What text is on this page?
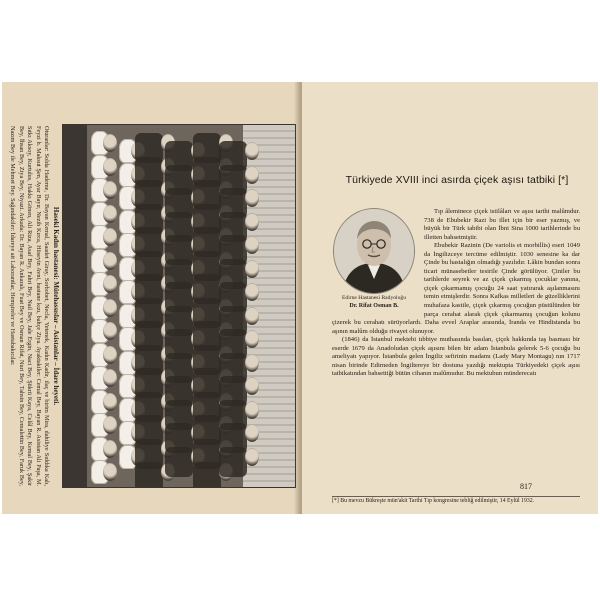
Haseki Kadın hastanesi: Mütehassıslar – Asistanlar – İdare heyeti.
Oturanlar: Solda Hademe, Dr. Bayan Kemal, Saadet Giray, Sorbobet, Necla, Yetenek, Kadın Kadir, ilaç ve birim Mira, dahiliye Sıddıka Kalı, Feyzi h. Maksut Şen, Ayar Bayır, Nezih Kırca, Hüseyin Avni, hastane kızı, bahçe Ziya. Ayaktakiler: Cemal Bey, Bayan R. Asistan Ali Paşa, M. Sıtkı Aksoy, Kurtulus, Hakkı Gönen, Ali Riza, Asaf Bey, Fahri Bey, Nail Bey, Jale Ergin, Naci Bey, Şükrü Kaya, Celâl Bey, Kemal Bey, Şakir Bey, İhsan Bey, Ziya Bey, Niyazi. Arkada: Dr. Bayan R. Ankaralı, Fuat Bey ve Osman Rifat, Nuri Bey, Tahsin Bey, Cemalettin Bey, Faruk Bey, Nazım Bey ile Mehmet Bey. Sağındakiler: İdareye ait Laborantlar, Hemşireler ve Hastabakıcılar.	Türkiyede XVIII inci asırda çiçek aşısı tatbiki [*]

Tıp âleminece çiçek istilâları ve aşısı tarihi malûmdur. 738 de Ebubekir Razi bu illet için bir eser yazmış, ve büyük bir Türk tabibi olan İbni Sina 1000 tarihlerinde bu illetten bahsetmiştir.

Ebubekir Razinin (De variolis et morbillis) eseri 1049 da İngilizceye tercüme edilmiştir. 1030 senesine ka dar Çinde bu hastalığın olmadığı yazılıdır. Lâkin bundan sonra ticari münasebetler tesirile Çinde görülüyor. Çiniler bu tarihlerde seyrek ve az çiçek çıkarmış çocuklar yanına, çiçek çıkarmamış çocuğu 24 saat yatırarak aşılanmasını temin etmişlerdir. Sonra Kafkas milletleri de güzelliklerini muhafaza kastile, çiçek çıkarmış çocuğun püstülünden bir parça cerahat alarak çiçek çıkarmamış çocuğun kolunu çizerek bu cerahatı sürüyorlardı. Daha evvel Araplar arasında, İranda ve Hindistanda bu aşının malûm olduğu rivayet olunuyor.

(1846) da İstanbul mektebi tıbbiye muthasında basılan, çiçek hakkında taş basması bir eserde 1679 da Anadoludan çiçek aşısını bilen bir adam İstanbula gelerek 5-6 çocuğu bu ameliyatı yapıyor. İstanbula gelen İngiliz sefirinin madamı (Lady Mary Montagu) nın 1717 nisan birinde Edirneden İngiltereye bir dostuna yazdığı mektupta Türkiyedeki çiçek aşısı tatbikatından bahsettiği bütün cihanın malûmudur. Bu mektubun münderecatı

Edirne Hastanesi Radyoloğu
Dr. Rifat Osman B.
817
[*] Bu mevzu Bükreşte mün'akit Tarihi Tıp kongresine tebliğ edilmiştir, 14 Eylül 1932.
